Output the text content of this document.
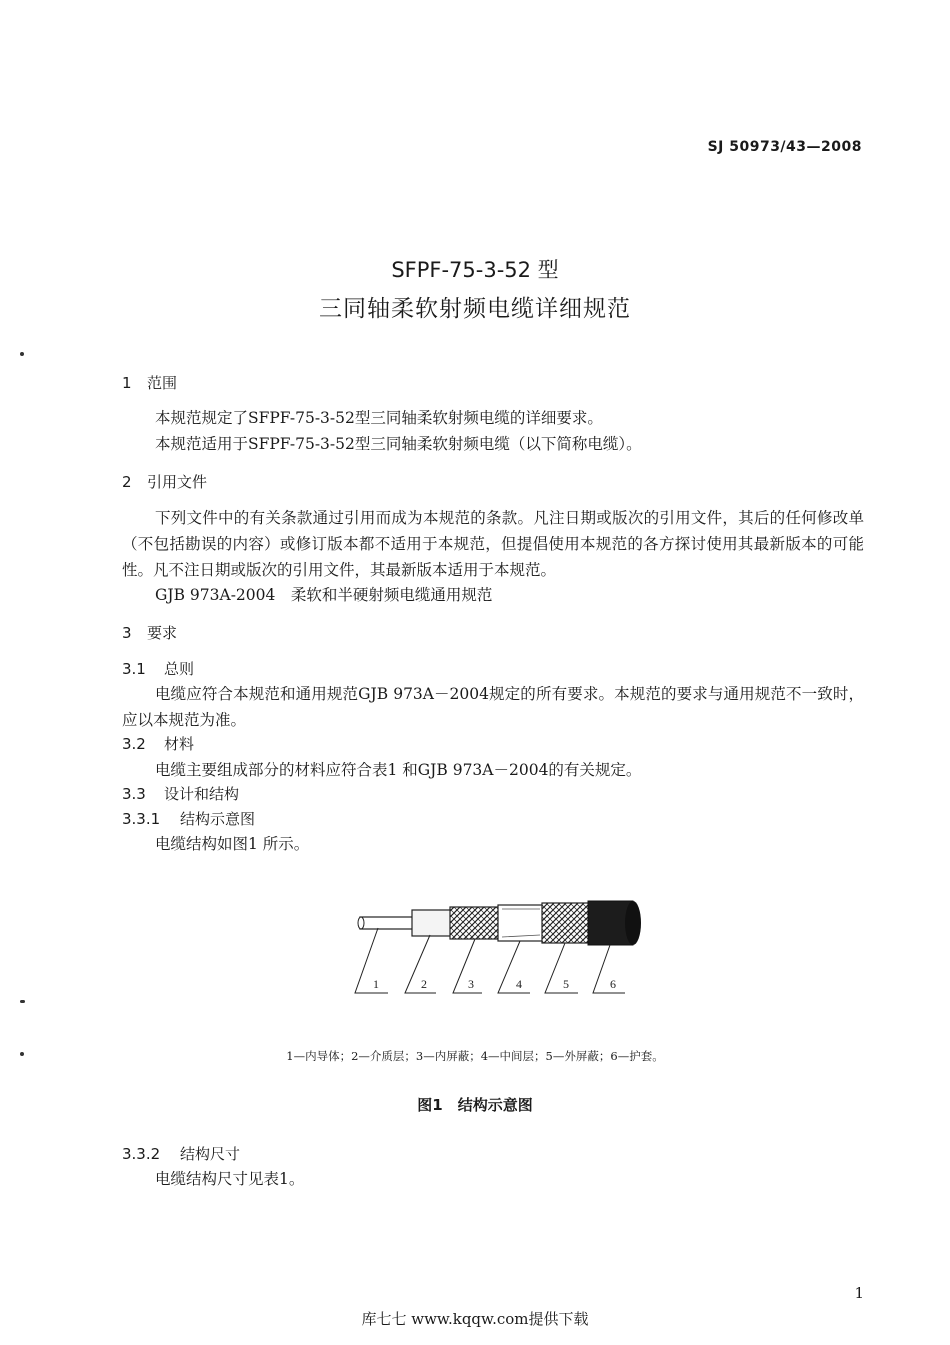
SJ 50973/43—2008
SFPF-75-3-52 型
三同轴柔软射频电缆详细规范
1 范围
本规范规定了SFPF-75-3-52型三同轴柔软射频电缆的详细要求。
本规范适用于SFPF-75-3-52型三同轴柔软射频电缆（以下简称电缆）。
2 引用文件
下列文件中的有关条款通过引用而成为本规范的条款。凡注日期或版次的引用文件，其后的任何修改单（不包括勘误的内容）或修订版本都不适用于本规范，但提倡使用本规范的各方探讨使用其最新版本的可能性。凡不注日期或版次的引用文件，其最新版本适用于本规范。
GJB 973A-2004　柔软和半硬射频电缆通用规范
3 要求
3.1 总则
电缆应符合本规范和通用规范GJB 973A－2004规定的所有要求。本规范的要求与通用规范不一致时，应以本规范为准。
3.2 材料
电缆主要组成部分的材料应符合表1 和GJB 973A－2004的有关规定。
3.3 设计和结构
3.3.1 结构示意图
电缆结构如图1 所示。
1	2	3	4	5	6
1—内导体；2—介质层；3—内屏蔽；4—中间层；5—外屏蔽；6—护套。
图1　结构示意图
3.3.2 结构尺寸
电缆结构尺寸见表1。
1
库七七 www.kqqw.com提供下载
